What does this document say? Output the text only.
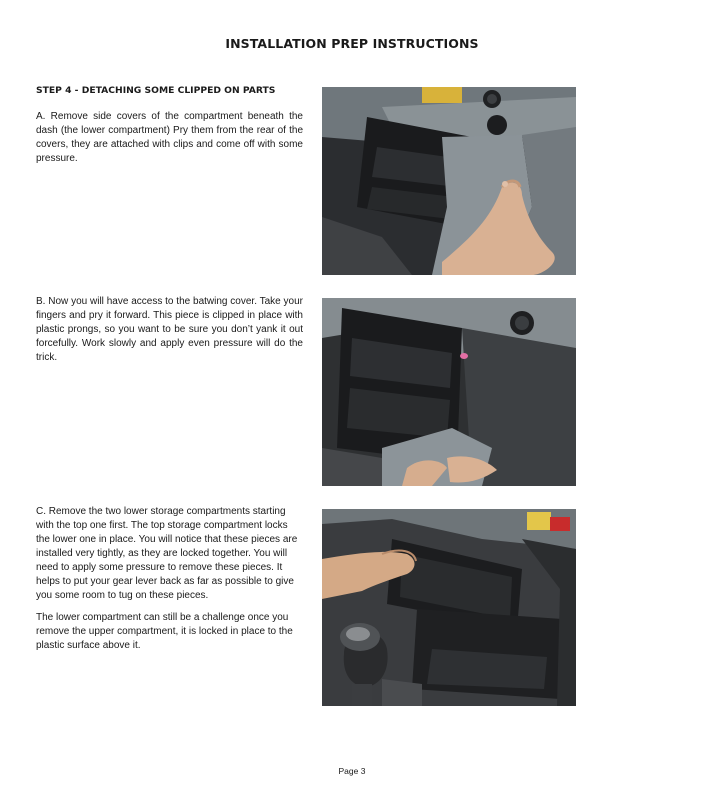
INSTALLATION PREP INSTRUCTIONS
STEP 4 - DETACHING SOME CLIPPED ON PARTS

A. Remove side covers of the compartment beneath the dash (the lower compartment) Pry them from the rear of the covers, they are attached with clips and come off with some pressure.

B. Now you will have access to the batwing cover. Take your fingers and pry it forward. This piece is clipped in place with plastic prongs, so you want to be sure you don’t yank it out forcefully. Work slowly and apply even pressure will do the trick.

C. Remove the two lower storage compartments starting with the top one first. The top storage compartment locks the lower one in place. You will notice that these pieces are installed very tightly, as they are locked together. You will need to apply some pressure to remove these pieces. It helps to put your gear lever back as far as possible to give you some room to tug on these pieces.

The lower compartment can still be a challenge once you remove the upper compartment, it is locked in place to the plastic surface above it.

Page 3
